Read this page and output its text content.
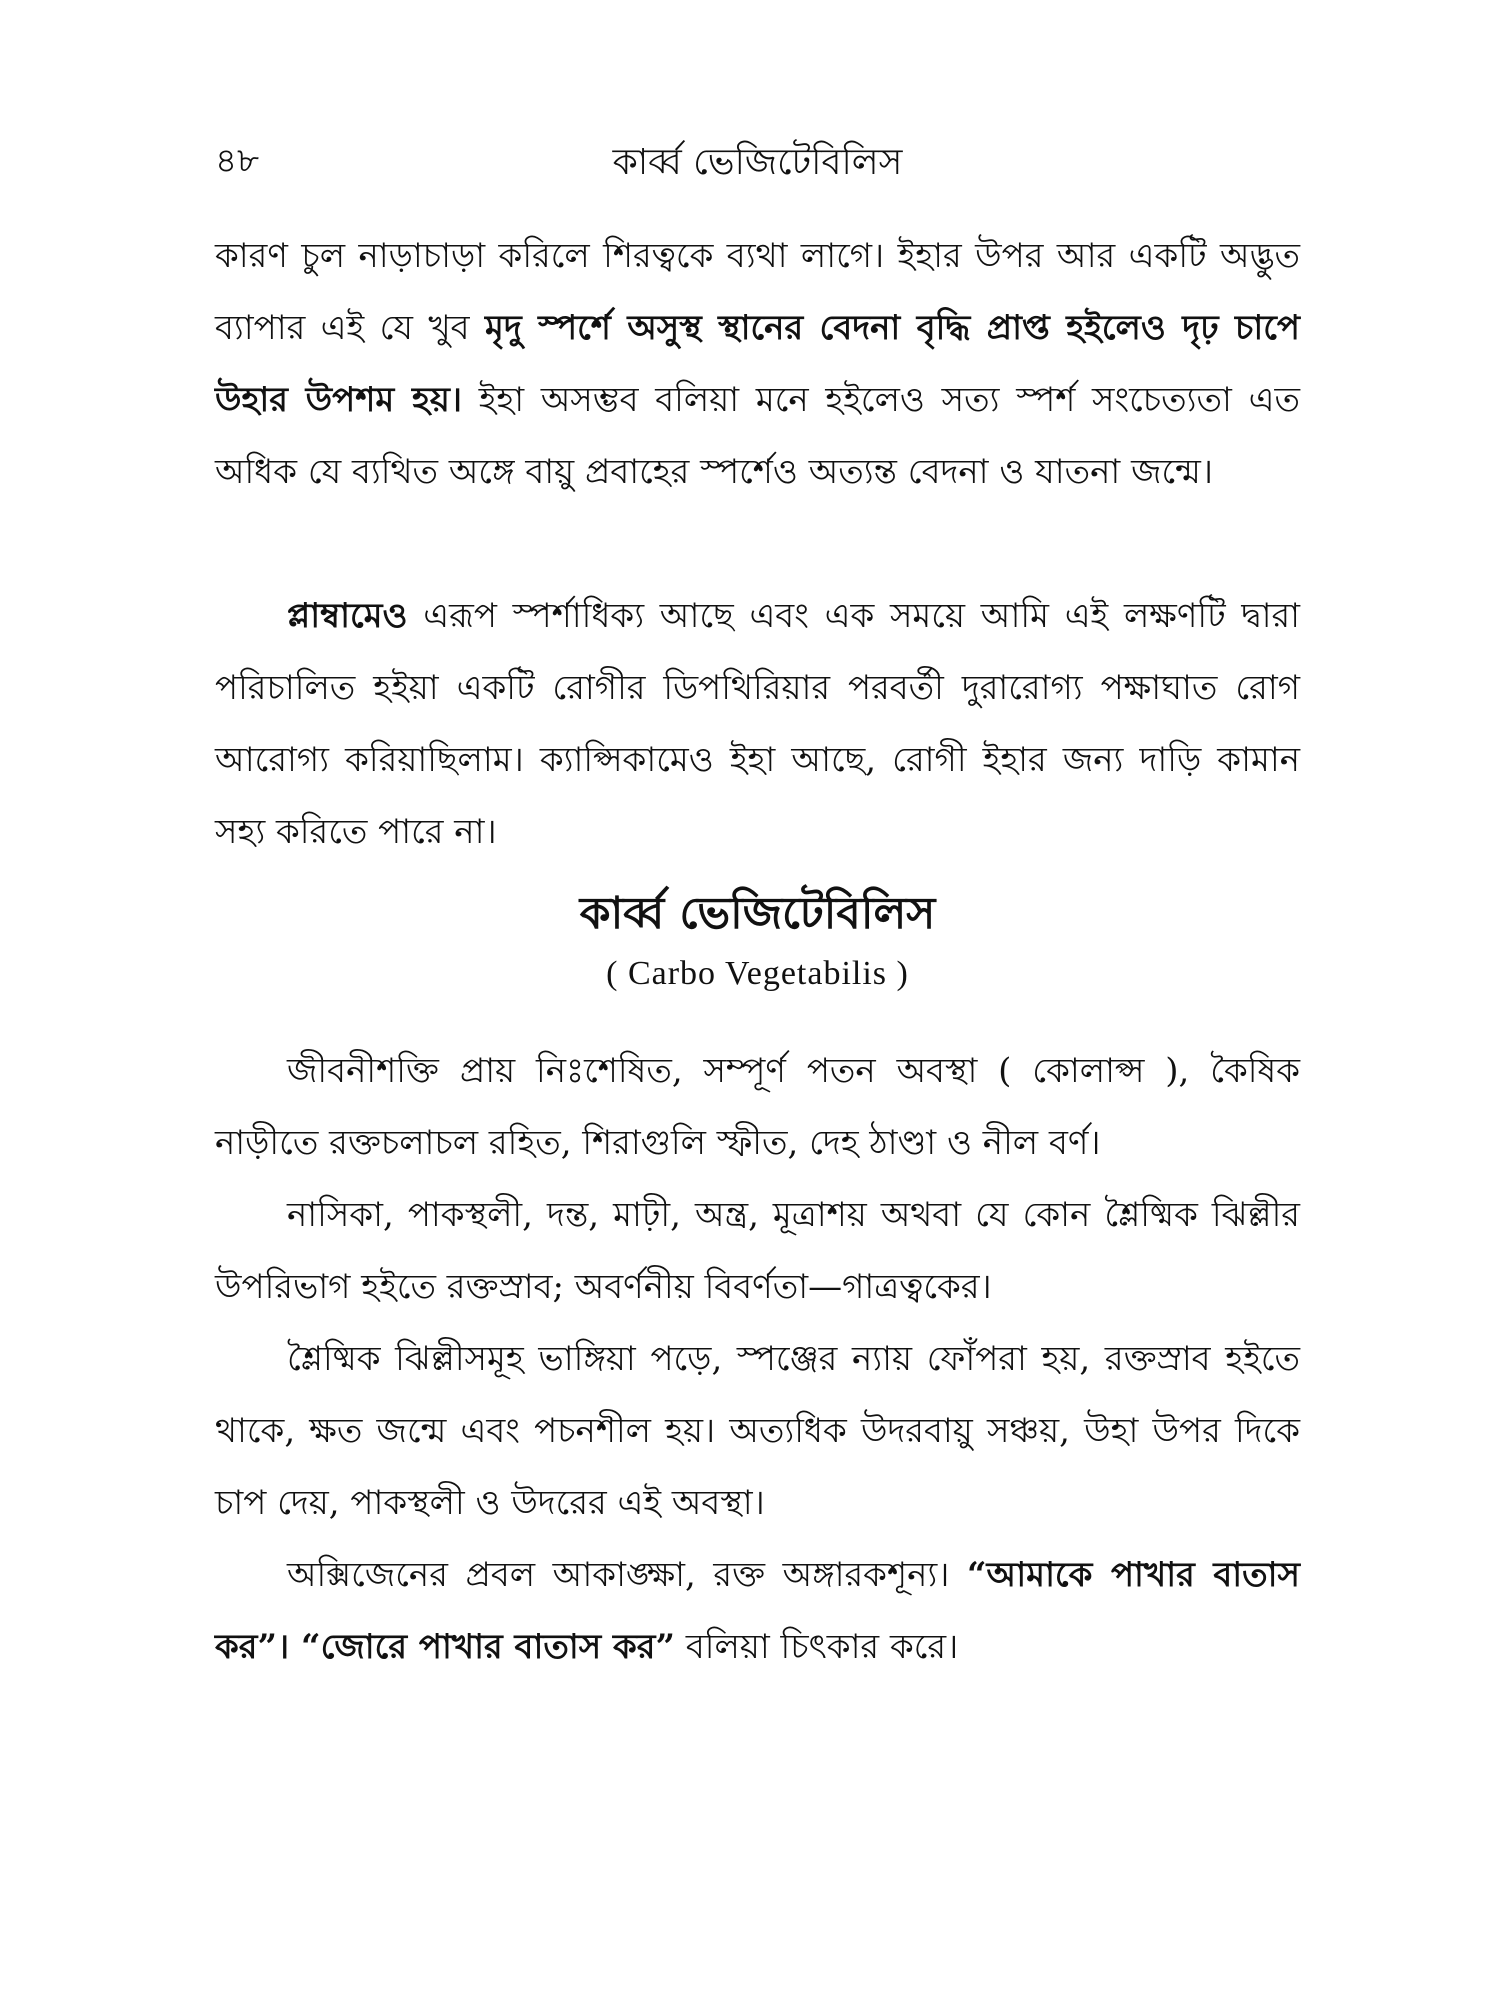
৪৮	কার্ব্ব ভেজিটেবিলিস

কারণ চুল নাড়াচাড়া করিলে শিরত্বকে ব্যথা লাগে। ইহার উপর আর একটি অদ্ভুত ব্যাপার এই যে খুব মৃদু স্পর্শে অসুস্থ স্থানের বেদনা বৃদ্ধি প্রাপ্ত হইলেও দৃঢ় চাপে উহার উপশম হয়। ইহা অসম্ভব বলিয়া মনে হইলেও সত্য স্পর্শ সংচেত্যতা এত অধিক যে ব্যথিত অঙ্গে বায়ু প্রবাহের স্পর্শেও অত্যন্ত বেদনা ও যাতনা জন্মে।

প্লাম্বামেও এরূপ স্পর্শাধিক্য আছে এবং এক সময়ে আমি এই লক্ষণটি দ্বারা পরিচালিত হইয়া একটি রোগীর ডিপথিরিয়ার পরবর্তী দুরারোগ্য পক্ষাঘাত রোগ আরোগ্য করিয়াছিলাম। ক্যাপ্সিকামেও ইহা আছে, রোগী ইহার জন্য দাড়ি কামান সহ্য করিতে পারে না।

কার্ব্ব ভেজিটেবিলিস
( Carbo Vegetabilis )

জীবনীশক্তি প্রায় নিঃশেষিত, সম্পূর্ণ পতন অবস্থা ( কোলাপ্স ), কৈষিক নাড়ীতে রক্তচলাচল রহিত, শিরাগুলি স্ফীত, দেহ ঠাণ্ডা ও নীল বর্ণ।

নাসিকা, পাকস্থলী, দন্ত, মাঢ়ী, অন্ত্র, মূত্রাশয় অথবা যে কোন শ্লৈষ্মিক ঝিল্লীর উপরিভাগ হইতে রক্তস্রাব; অবর্ণনীয় বিবর্ণতা—গাত্রত্বকের।

শ্লৈষ্মিক ঝিল্লীসমূহ ভাঙ্গিয়া পড়ে, স্পঞ্জের ন্যায় ফোঁপরা হয়, রক্তস্রাব হইতে থাকে, ক্ষত জন্মে এবং পচনশীল হয়। অত্যধিক উদরবায়ু সঞ্চয়, উহা উপর দিকে চাপ দেয়, পাকস্থলী ও উদরের এই অবস্থা।

অক্সিজেনের প্রবল আকাঙ্ক্ষা, রক্ত অঙ্গারকশূন্য। “আমাকে পাখার বাতাস কর”। “জোরে পাখার বাতাস কর” বলিয়া চিৎকার করে।
